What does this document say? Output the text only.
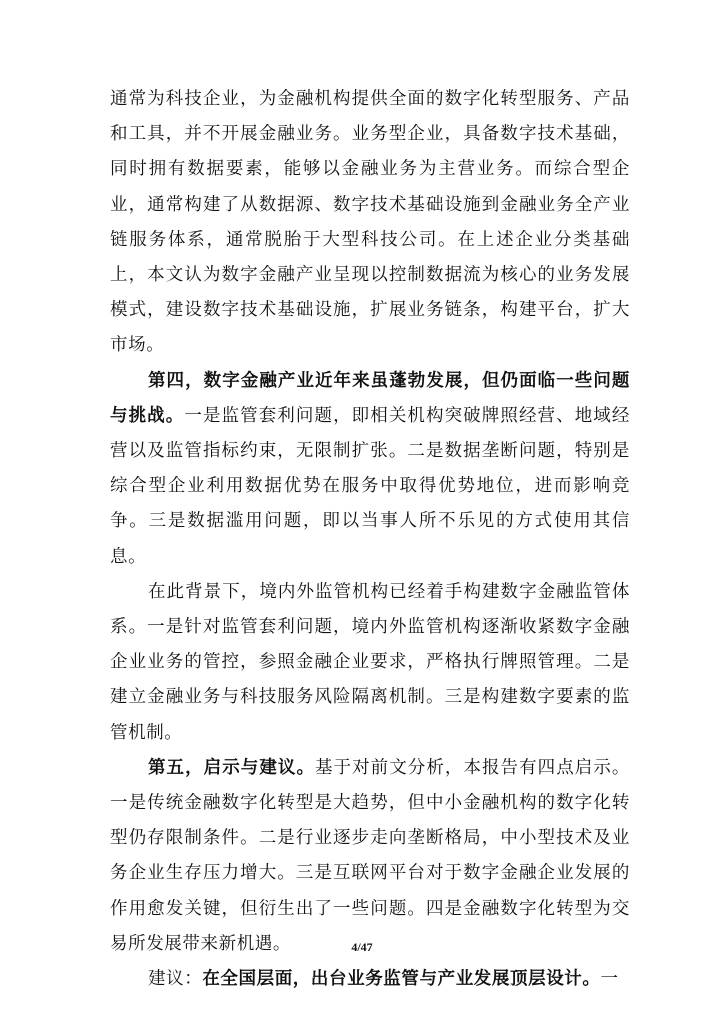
通常为科技企业，为金融机构提供全面的数字化转型服务、产品和工具，并不开展金融业务。业务型企业，具备数字技术基础，同时拥有数据要素，能够以金融业务为主营业务。而综合型企业，通常构建了从数据源、数字技术基础设施到金融业务全产业链服务体系，通常脱胎于大型科技公司。在上述企业分类基础上，本文认为数字金融产业呈现以控制数据流为核心的业务发展模式，建设数字技术基础设施，扩展业务链条，构建平台，扩大市场。

第四，数字金融产业近年来虽蓬勃发展，但仍面临一些问题与挑战。一是监管套利问题，即相关机构突破牌照经营、地域经营以及监管指标约束，无限制扩张。二是数据垄断问题，特别是综合型企业利用数据优势在服务中取得优势地位，进而影响竞争。三是数据滥用问题，即以当事人所不乐见的方式使用其信息。

在此背景下，境内外监管机构已经着手构建数字金融监管体系。一是针对监管套利问题，境内外监管机构逐渐收紧数字金融企业业务的管控，参照金融企业要求，严格执行牌照管理。二是建立金融业务与科技服务风险隔离机制。三是构建数字要素的监管机制。

第五，启示与建议。基于对前文分析，本报告有四点启示。一是传统金融数字化转型是大趋势，但中小金融机构的数字化转型仍存限制条件。二是行业逐步走向垄断格局，中小型技术及业务企业生存压力增大。三是互联网平台对于数字金融企业发展的作用愈发关键，但衍生出了一些问题。四是金融数字化转型为交易所发展带来新机遇。

建议：在全国层面，出台业务监管与产业发展顶层设计。一

4/47
